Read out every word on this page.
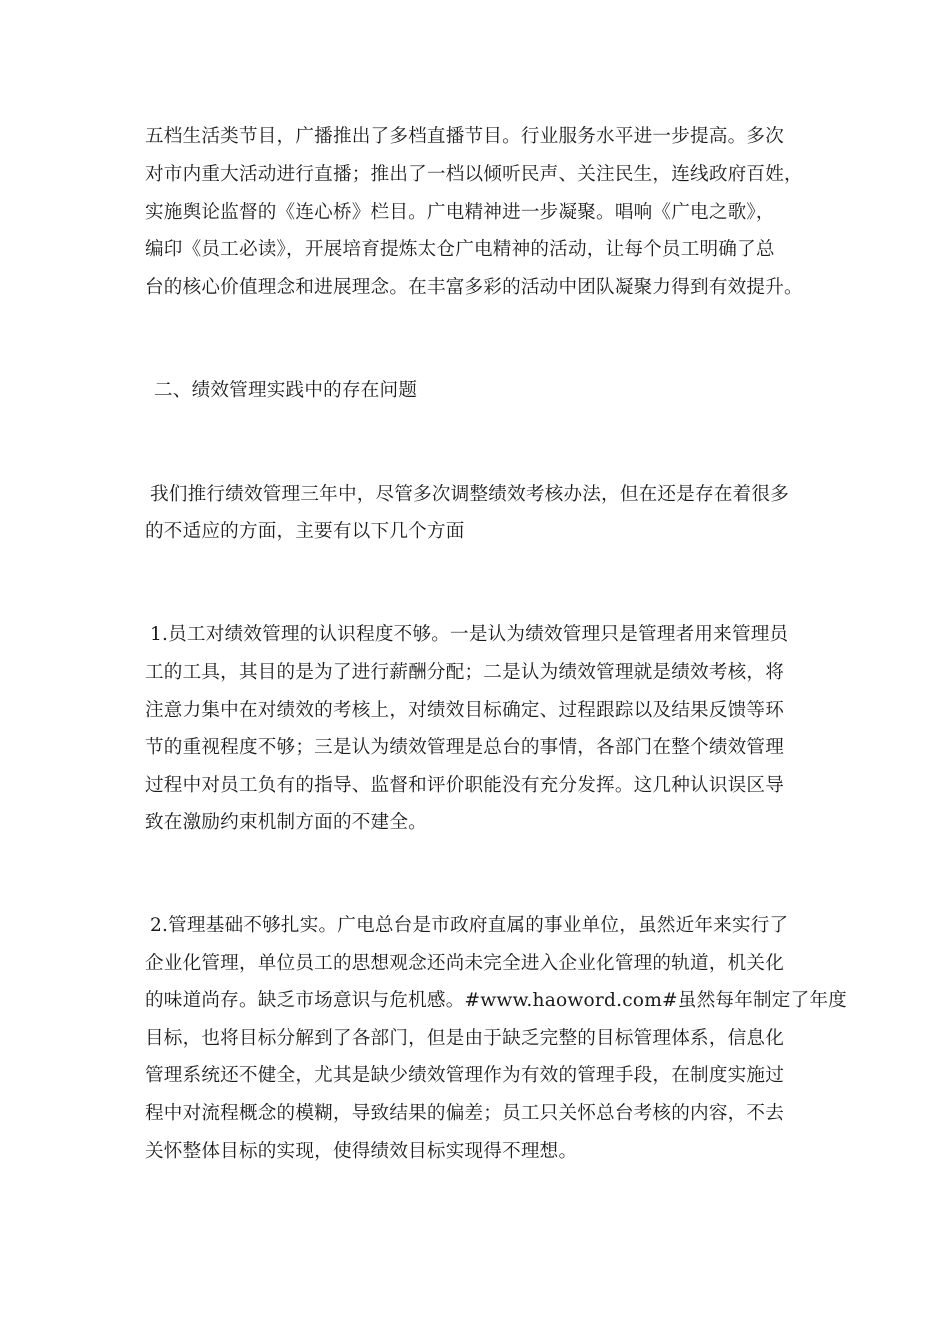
五档生活类节目，广播推出了多档直播节目。行业服务水平进一步提高。多次
对市内重大活动进行直播；推出了一档以倾听民声、关注民生，连线政府百姓，
实施舆论监督的《连心桥》栏目。广电精神进一步凝聚。唱响《广电之歌》，
编印《员工必读》，开展培育提炼太仓广电精神的活动，让每个员工明确了总
台的核心价值理念和进展理念。在丰富多彩的活动中团队凝聚力得到有效提升。
二、绩效管理实践中的存在问题
我们推行绩效管理三年中，尽管多次调整绩效考核办法，但在还是存在着很多
的不适应的方面，主要有以下几个方面
1.员工对绩效管理的认识程度不够。一是认为绩效管理只是管理者用来管理员
工的工具，其目的是为了进行薪酬分配；二是认为绩效管理就是绩效考核，将
注意力集中在对绩效的考核上，对绩效目标确定、过程跟踪以及结果反馈等环
节的重视程度不够；三是认为绩效管理是总台的事情，各部门在整个绩效管理
过程中对员工负有的指导、监督和评价职能没有充分发挥。这几种认识误区导
致在激励约束机制方面的不建全。
2.管理基础不够扎实。广电总台是市政府直属的事业单位，虽然近年来实行了
企业化管理，单位员工的思想观念还尚未完全进入企业化管理的轨道，机关化
的味道尚存。缺乏市场意识与危机感。#www.haoword.com#虽然每年制定了年度
目标，也将目标分解到了各部门，但是由于缺乏完整的目标管理体系，信息化
管理系统还不健全，尤其是缺少绩效管理作为有效的管理手段，在制度实施过
程中对流程概念的模糊，导致结果的偏差；员工只关怀总台考核的内容，不去
关怀整体目标的实现，使得绩效目标实现得不理想。
